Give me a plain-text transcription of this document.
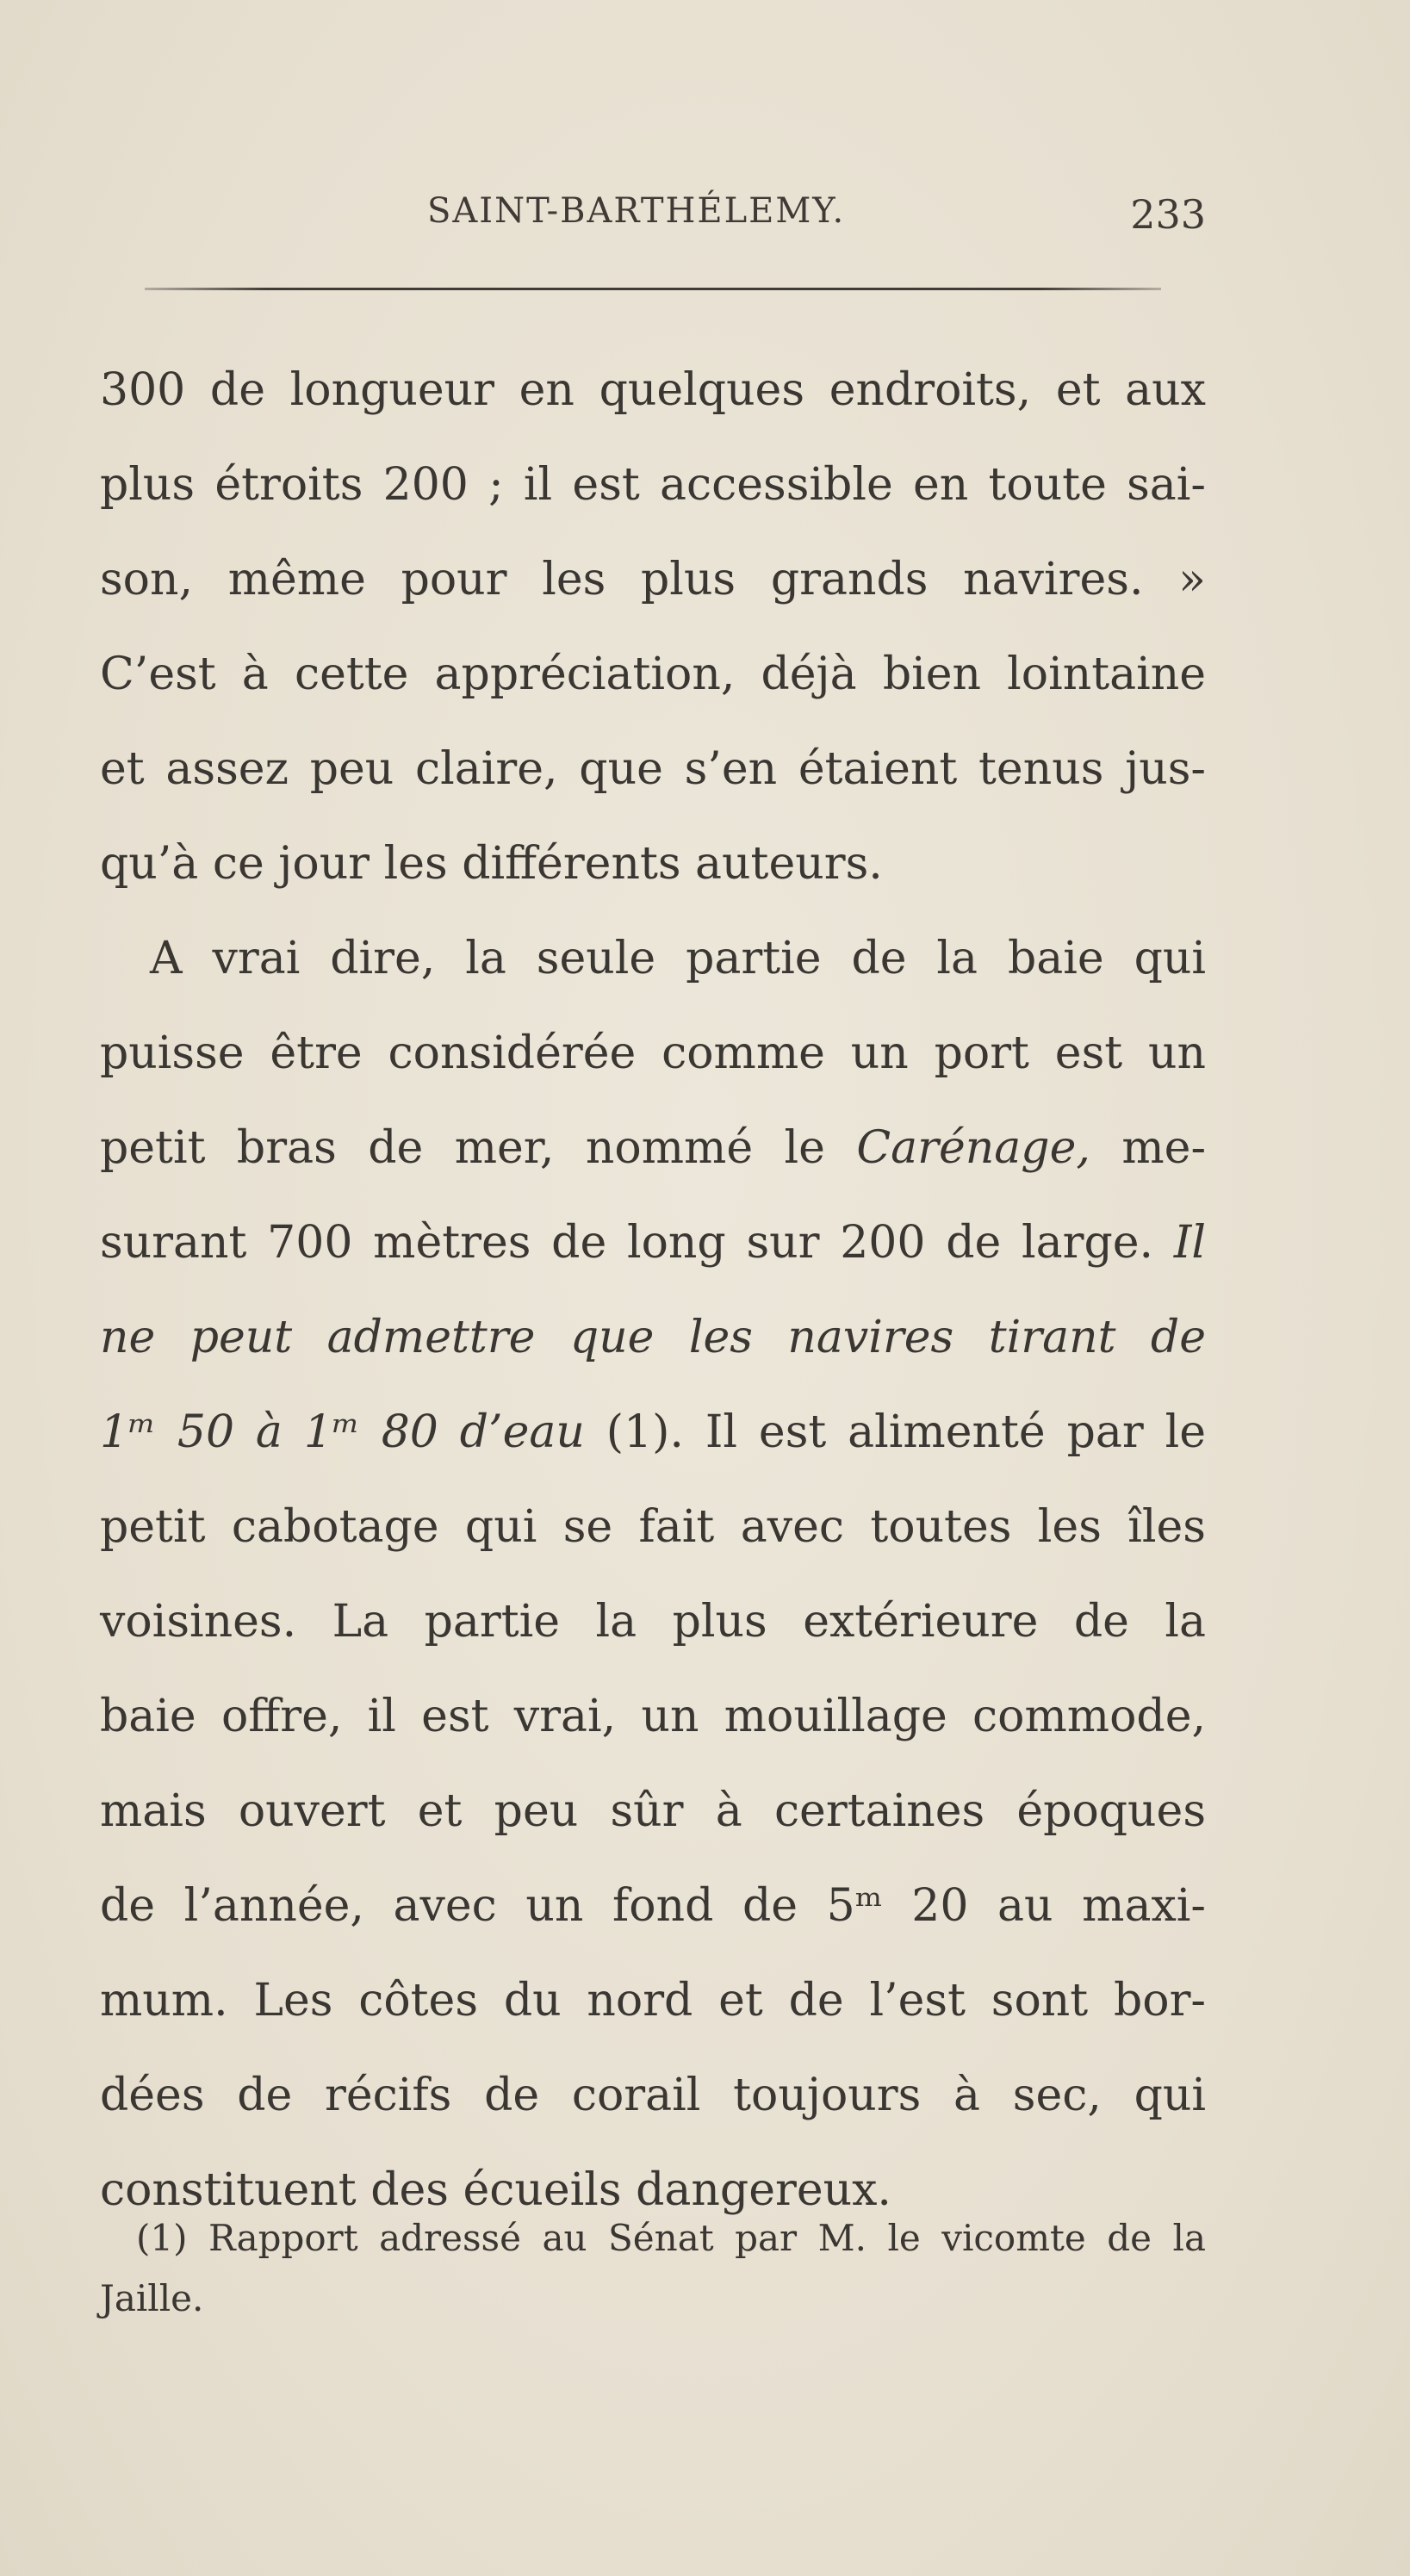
SAINT-BARTHÉLEMY.	233
300 de longueur en quelques endroits, et aux
plus étroits 200 ; il est accessible en toute sai-
son, même pour les plus grands navires. »
C’est à cette appréciation, déjà bien lointaine
et assez peu claire, que s’en étaient tenus jus-
qu’à ce jour les différents auteurs.
A vrai dire, la seule partie de la baie qui
puisse être considérée comme un port est un
petit bras de mer, nommé le Carénage, me-
surant 700 mètres de long sur 200 de large. Il
ne peut admettre que les navires tirant de
1ᵐ 50 à 1ᵐ 80 d’eau (1). Il est alimenté par le
petit cabotage qui se fait avec toutes les îles
voisines. La partie la plus extérieure de la
baie offre, il est vrai, un mouillage commode,
mais ouvert et peu sûr à certaines époques
de l’année, avec un fond de 5ᵐ 20 au maxi-
mum. Les côtes du nord et de l’est sont bor-
dées de récifs de corail toujours à sec, qui
constituent des écueils dangereux.
(1) Rapport adressé au Sénat par M. le vicomte de la
Jaille.
